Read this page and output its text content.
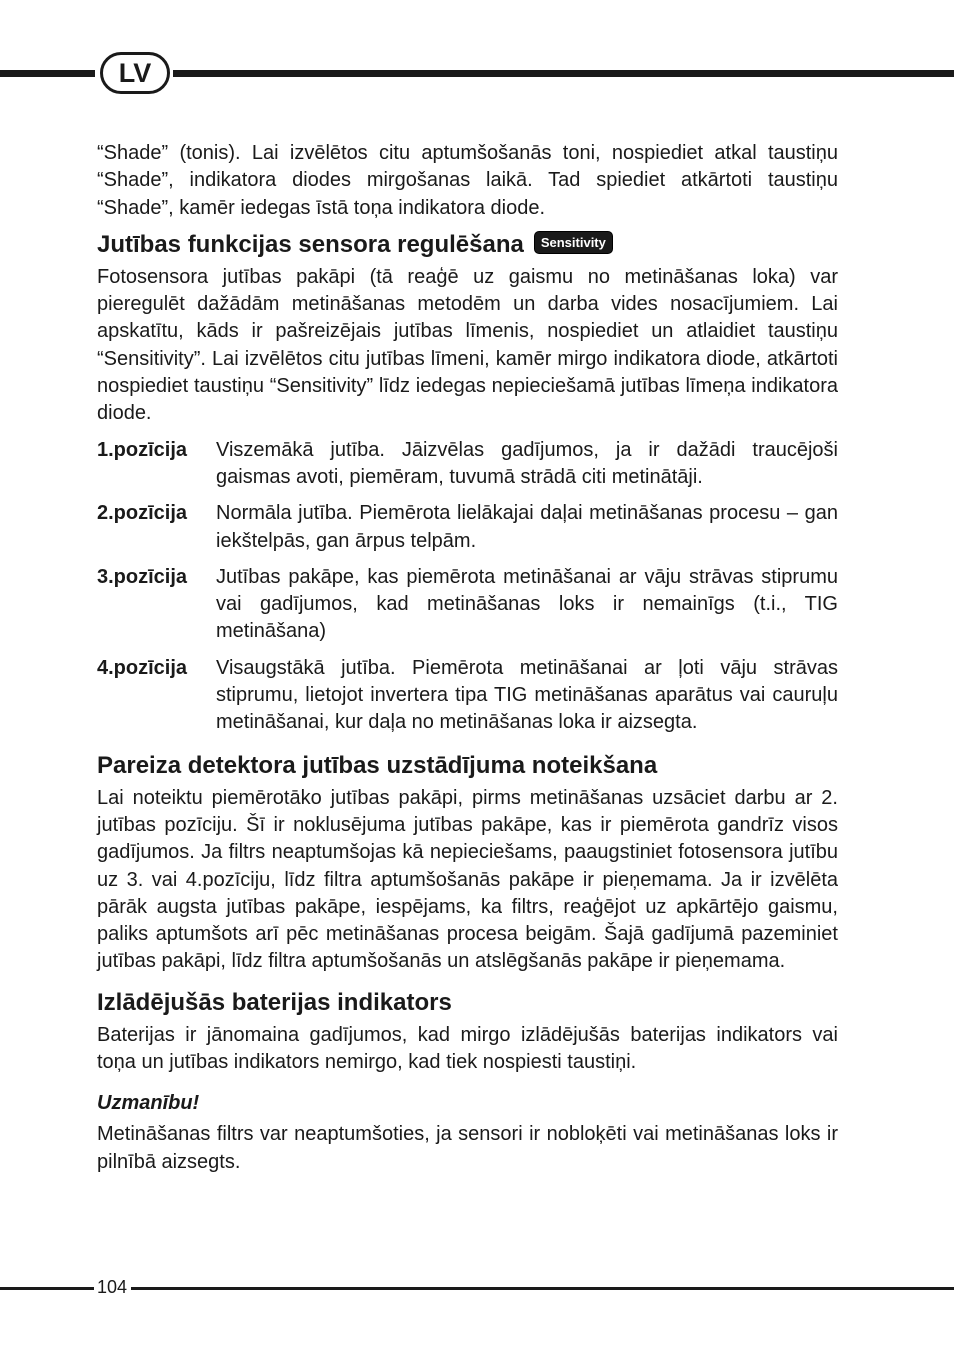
LV

“Shade” (tonis). Lai izvēlētos citu aptumšošanās toni, nospiediet atkal taustiņu “Shade”, indikatora diodes mirgošanas laikā. Tad spiediet atkārtoti taustiņu “Shade”, kamēr iedegas īstā toņa indikatora diode.

Jutības funkcijas sensora regulēšana	Sensitivity

Fotosensora jutības pakāpi (tā reaģē uz gaismu no metināšanas loka) var pieregulēt dažādām metināšanas metodēm un darba vides nosacījumiem. Lai apskatītu, kāds ir pašreizējais jutības līmenis, nospiediet un atlaidiet taustiņu “Sensitivity”. Lai izvēlētos citu jutības līmeni, kamēr mirgo indikatora diode, atkārtoti nospiediet taustiņu “Sensitivity” līdz iedegas nepieciešamā jutības līmeņa indikatora diode.

1.pozīcija	Viszemākā jutība. Jāizvēlas gadījumos, ja ir dažādi traucējoši gaismas avoti, piemēram, tuvumā strādā citi metinātāji.
2.pozīcija	Normāla jutība. Piemērota lielākajai daļai metināšanas procesu – gan iekštelpās, gan ārpus telpām.
3.pozīcija	Jutības pakāpe, kas piemērota metināšanai ar vāju strāvas stiprumu vai gadījumos, kad metināšanas loks ir nemainīgs (t.i., TIG metināšana)
4.pozīcija	Visaugstākā jutība. Piemērota metināšanai ar ļoti vāju strāvas stiprumu, lietojot invertera tipa TIG metināšanas aparātus vai cauruļu metināšanai, kur daļa no metināšanas loka ir aizsegta.
Pareiza detektora jutības uzstādījuma noteikšana

Lai noteiktu piemērotāko jutības pakāpi, pirms metināšanas uzsāciet darbu ar 2. jutības pozīciju. Šī ir noklusējuma jutības pakāpe, kas ir piemērota gandrīz visos gadījumos. Ja filtrs neaptumšojas kā nepieciešams, paaugstiniet fotosensora jutību uz 3. vai 4.pozīciju, līdz filtra aptumšošanās pakāpe ir pieņemama. Ja ir izvēlēta pārāk augsta jutības pakāpe, iespējams, ka filtrs, reaģējot uz apkārtējo gaismu, paliks aptumšots arī pēc metināšanas procesa beigām. Šajā gadījumā pazeminiet jutības pakāpi, līdz filtra aptumšošanās un atslēgšanās pakāpe ir pieņemama.

Izlādējušās baterijas indikators

Baterijas ir jānomaina gadījumos, kad mirgo izlādējušās baterijas indikators vai toņa un jutības indikators nemirgo, kad tiek nospiesti taustiņi.

Uzmanību!

Metināšanas filtrs var neaptumšoties, ja sensori ir nobloķēti vai metināšanas loks ir pilnībā aizsegts.

104
